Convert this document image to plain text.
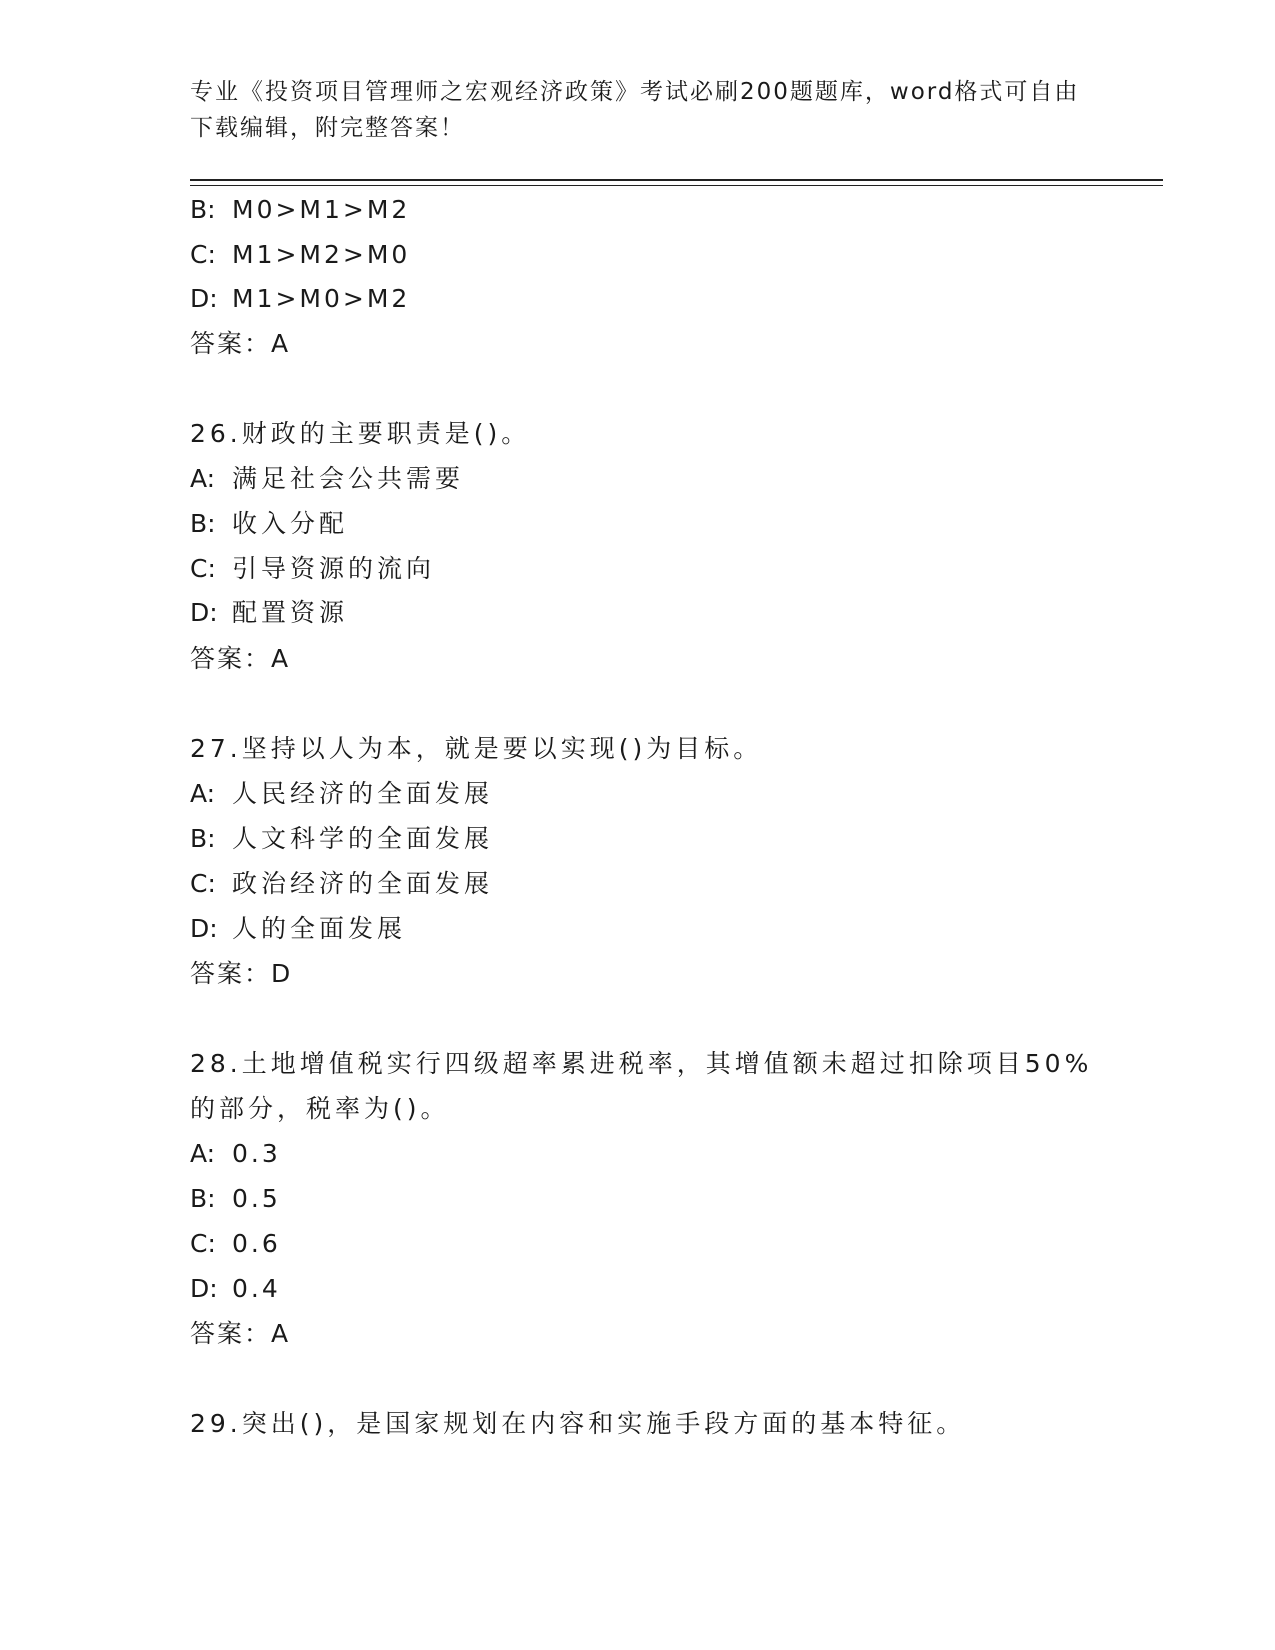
专业《投资项目管理师之宏观经济政策》考试必刷200题题库，word格式可自由
下载编辑，附完整答案！
B: M0>M1>M2
C: M1>M2>M0
D: M1>M0>M2
答案：A
26.财政的主要职责是()。
A: 满足社会公共需要
B: 收入分配
C: 引导资源的流向
D: 配置资源
答案：A
27.坚持以人为本，就是要以实现()为目标。
A: 人民经济的全面发展
B: 人文科学的全面发展
C: 政治经济的全面发展
D: 人的全面发展
答案：D
28.土地增值税实行四级超率累进税率，其增值额未超过扣除项目50%
的部分，税率为()。
A: 0.3
B: 0.5
C: 0.6
D: 0.4
答案：A
29.突出()，是国家规划在内容和实施手段方面的基本特征。
